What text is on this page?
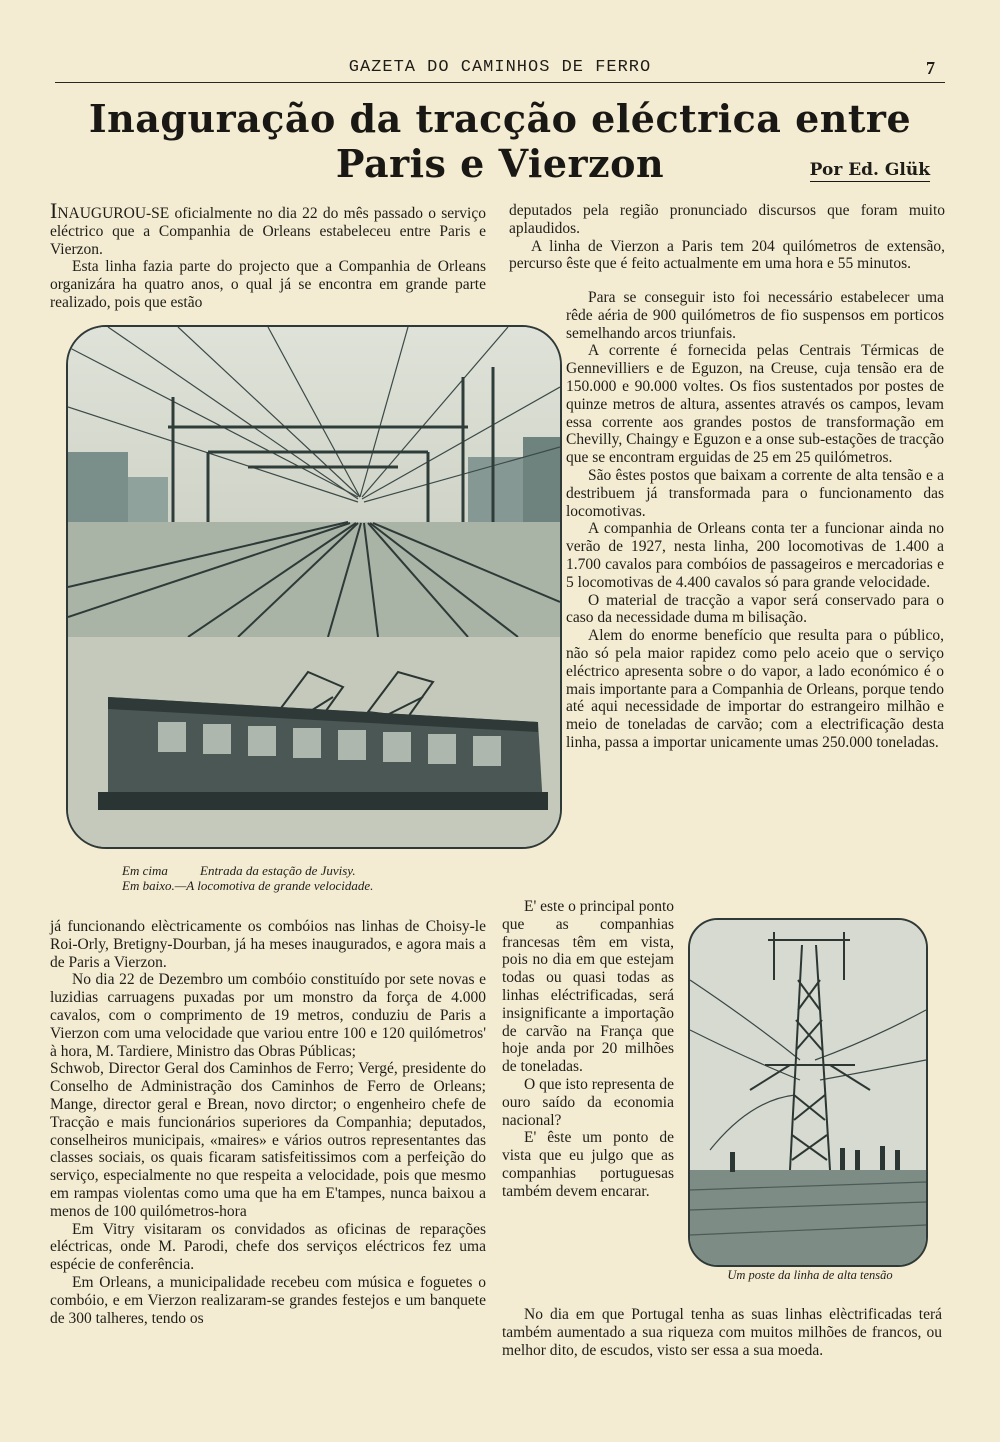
GAZETA DO CAMINHOS DE FERRO	7
Inaguração da tracção eléctrica entre Paris e Vierzon	Por Ed. Glük

INAUGUROU-SE oficialmente no dia 22 do mês passado o serviço eléctrico que a Companhia de Orleans estabeleceu entre Paris e Vierzon.

Esta linha fazia parte do projecto que a Companhia de Orleans organizára ha quatro anos, o qual já se encontra em grande parte realizado, pois que estão

Em cima Entrada da estação de Juvisy.
Em baixo.—A locomotiva de grande velocidade.

já funcionando elèctricamente os combóios nas linhas de Choisy-le Roi-Orly, Bretigny-Dourban, já ha meses inaugurados, e agora mais a de Paris a Vierzon.

No dia 22 de Dezembro um combóio constituído por sete novas e luzidias carruagens puxadas por um monstro da força de 4.000 cavalos, com o comprimento de 19 metros, conduziu de Paris a Vierzon com uma velocidade que variou entre 100 e 120 quilómetros' à hora, M. Tardiere, Ministro das Obras Públicas;

Schwob, Director Geral dos Caminhos de Ferro; Vergé, presidente do Conselho de Administração dos Caminhos de Ferro de Orleans; Mange, director geral e Brean, novo dirctor; o engenheiro chefe de Tracção e mais funcionários superiores da Companhia; deputados, conselheiros municipais, «maires» e vários outros representantes das classes sociais, os quais ficaram satisfeitissimos com a perfeição do serviço, especialmente no que respeita a velocidade, pois que mesmo em rampas violentas como uma que ha em E'tampes, nunca baixou a menos de 100 quilómetros-hora

Em Vitry visitaram os convidados as oficinas de reparações eléctricas, onde M. Parodi, chefe dos serviços eléctricos fez uma espécie de conferência.

Em Orleans, a municipalidade recebeu com música e foguetes o combóio, e em Vierzon realizaram-se grandes festejos e um banquete de 300 talheres, tendo os

deputados pela região pronunciado discursos que foram muito aplaudidos.

A linha de Vierzon a Paris tem 204 quilómetros de extensão, percurso êste que é feito actualmente em uma hora e 55 minutos.

Para se conseguir isto foi necessário estabelecer uma rêde aéria de 900 quilómetros de fio suspensos em porticos semelhando arcos triunfais.

A corrente é fornecida pelas Centrais Térmicas de Gennevilliers e de Eguzon, na Creuse, cuja tensão era de 150.000 e 90.000 voltes. Os fios sustentados por postes de quinze metros de altura, assentes através os campos, levam essa corrente aos grandes postos de transformação em Chevilly, Chaingy e Eguzon e a onse sub-estações de tracção que se encontram erguidas de 25 em 25 quilómetros.

São êstes postos que baixam a corrente de alta tensão e a destribuem já transformada para o funcionamento das locomotivas.

A companhia de Orleans conta ter a funcionar ainda no verão de 1927, nesta linha, 200 locomotivas de 1.400 a 1.700 cavalos para combóios de passageiros e mercadorias e 5 locomotivas de 4.400 cavalos só para grande velocidade.

O material de tracção a vapor será conservado para o caso da necessidade duma m bilisação.

Alem do enorme benefício que resulta para o público, não só pela maior rapidez como pelo aceio que o serviço eléctrico apresenta sobre o do vapor, a lado económico é o mais importante para a Companhia de Orleans, porque tendo até aqui necessidade de importar do estrangeiro milhão e meio de toneladas de carvão; com a electrificação desta linha, passa a importar unicamente umas 250.000 toneladas.

E' este o principal ponto que as companhias francesas têm em vista, pois no dia em que estejam todas ou quasi todas as linhas eléctrificadas, será insignificante a importação de carvão na França que hoje anda por 20 milhões de toneladas.

O que isto representa de ouro saído da economia nacional?

E' êste um ponto de vista que eu julgo que as companhias portuguesas também devem encarar.

Um poste da linha de alta tensão

No dia em que Portugal tenha as suas linhas elèctrificadas terá também aumentado a sua riqueza com muitos milhões de francos, ou melhor dito, de escudos, visto ser essa a sua moeda.
